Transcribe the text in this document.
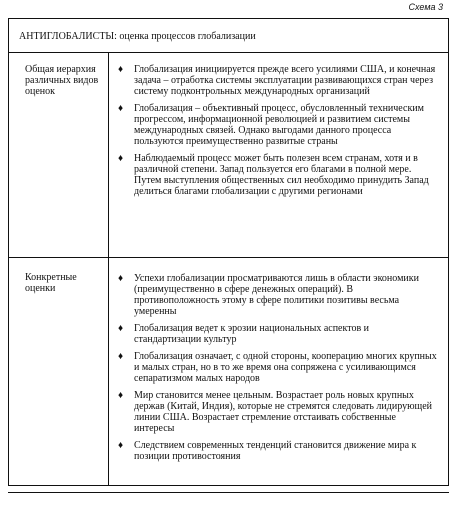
Схема 3
АНТИГЛОБАЛИСТЫ: оценка процессов глобализации
Общая иерархия различных видов оценок
♦ Глобализация инициируется прежде всего усилиями США, и конечная задача – отработка системы эксплуатации развивающихся стран через систему подконтрольных международных организаций
♦ Глобализация – объективный процесс, обусловленный техническим прогрессом, информационной революцией и развитием системы международных связей. Однако выгодами данного процесса пользуются преимущественно развитые страны
♦ Наблюдаемый процесс может быть полезен всем странам, хотя и в различной степени. Запад пользуется его благами в полной мере. Путем выступления общественных сил необходимо принудить Запад делиться благами глобализации с другими регионами
Конкретные оценки
♦ Успехи глобализации просматриваются лишь в области экономики (преимущественно в сфере денежных операций). В противоположность этому в сфере политики позитивы весьма умеренны
♦ Глобализация ведет к эрозии национальных аспектов и стандартизации культур
♦ Глобализация означает, с одной стороны, кооперацию многих крупных и малых стран, но в то же время она сопряжена с усиливающимся сепаратизмом малых народов
♦ Мир становится менее цельным. Возрастает роль новых крупных держав (Китай, Индия), которые не стремятся следовать лидирующей линии США. Возрастает стремление отстаивать собственные интересы
♦ Следствием современных тенденций становится движение мира к позиции противостояния
